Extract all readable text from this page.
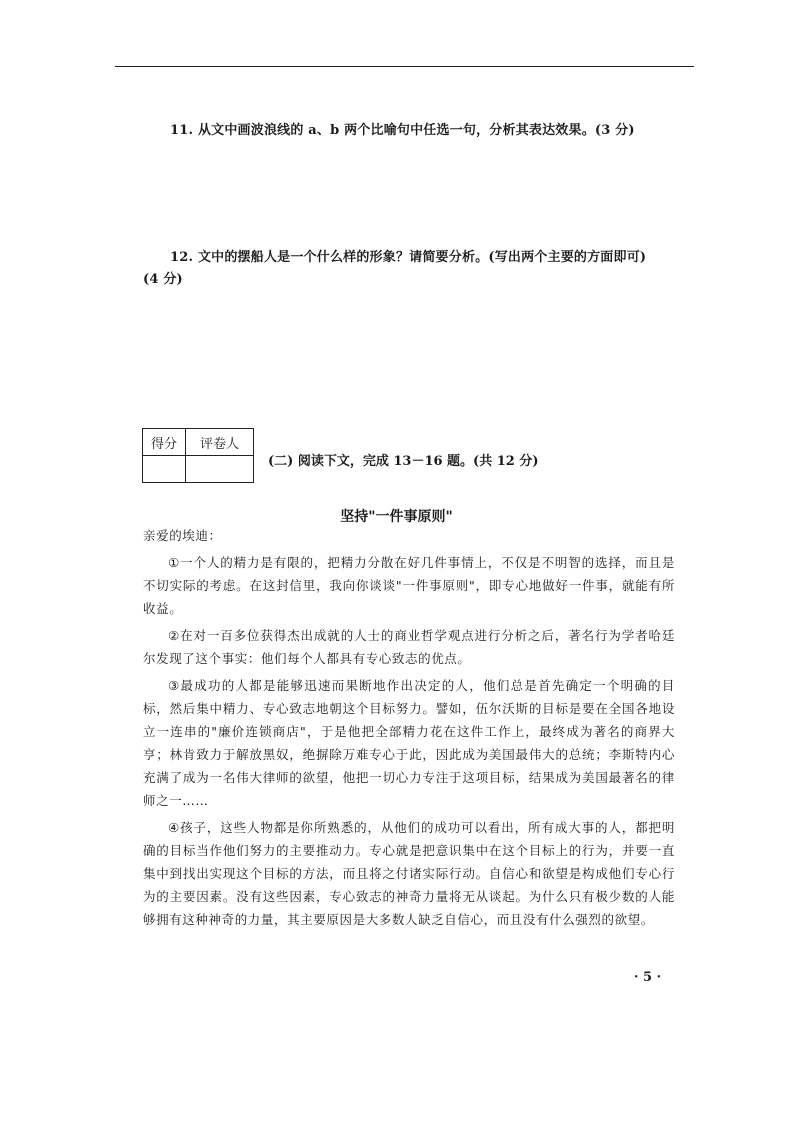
11. 从文中画波浪线的 a、b 两个比喻句中任选一句，分析其表达效果。(3 分)
12. 文中的摆船人是一个什么样的形象？请简要分析。(写出两个主要的方面即可)
(4 分)
得分	评卷人

(二) 阅读下文，完成 13－16 题。(共 12 分)
坚持"一件事原则"

亲爱的埃迪：

①一个人的精力是有限的，把精力分散在好几件事情上，不仅是不明智的选择，而且是不切实际的考虑。在这封信里，我向你谈谈"一件事原则"，即专心地做好一件事，就能有所收益。

②在对一百多位获得杰出成就的人士的商业哲学观点进行分析之后，著名行为学者哈廷尔发现了这个事实：他们每个人都具有专心致志的优点。

③最成功的人都是能够迅速而果断地作出决定的人，他们总是首先确定一个明确的目标，然后集中精力、专心致志地朝这个目标努力。譬如，伍尔沃斯的目标是要在全国各地设立一连串的"廉价连锁商店"，于是他把全部精力花在这件工作上，最终成为著名的商界大亨；林肯致力于解放黑奴，绝摒除万难专心于此，因此成为美国最伟大的总统；李斯特内心充满了成为一名伟大律师的欲望，他把一切心力专注于这项目标，结果成为美国最著名的律师之一……

④孩子，这些人物都是你所熟悉的，从他们的成功可以看出，所有成大事的人，都把明确的目标当作他们努力的主要推动力。专心就是把意识集中在这个目标上的行为，并要一直集中到找出实现这个目标的方法，而且将之付诸实际行动。自信心和欲望是构成他们专心行为的主要因素。没有这些因素，专心致志的神奇力量将无从谈起。为什么只有极少数的人能够拥有这种神奇的力量，其主要原因是大多数人缺乏自信心，而且没有什么强烈的欲望。

· 5 ·
